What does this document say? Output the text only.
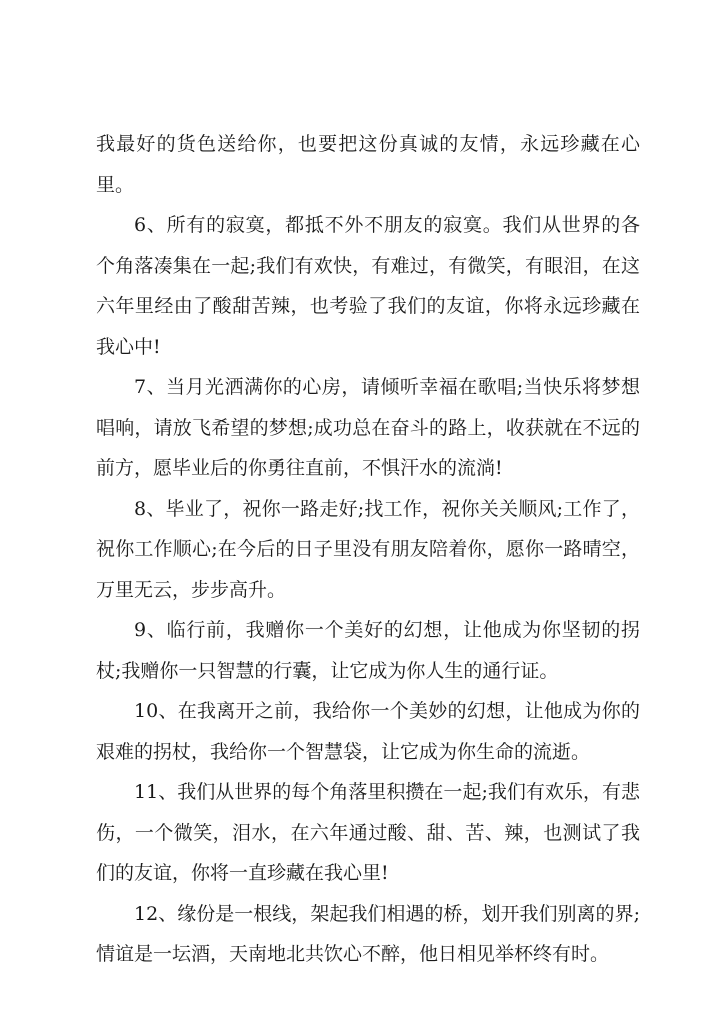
我最好的货色送给你，也要把这份真诚的友情，永远珍藏在心里。

6、所有的寂寞，都抵不外不朋友的寂寞。我们从世界的各个角落凑集在一起;我们有欢快，有难过，有微笑，有眼泪，在这六年里经由了酸甜苦辣，也考验了我们的友谊，你将永远珍藏在我心中!

7、当月光洒满你的心房，请倾听幸福在歌唱;当快乐将梦想唱响，请放飞希望的梦想;成功总在奋斗的路上，收获就在不远的前方，愿毕业后的你勇往直前，不惧汗水的流淌!

8、毕业了，祝你一路走好;找工作，祝你关关顺风;工作了，祝你工作顺心;在今后的日子里没有朋友陪着你，愿你一路晴空，万里无云，步步高升。

9、临行前，我赠你一个美好的幻想，让他成为你坚韧的拐杖;我赠你一只智慧的行囊，让它成为你人生的通行证。

10、在我离开之前，我给你一个美妙的幻想，让他成为你的艰难的拐杖，我给你一个智慧袋，让它成为你生命的流逝。

11、我们从世界的每个角落里积攒在一起;我们有欢乐，有悲伤，一个微笑，泪水，在六年通过酸、甜、苦、辣，也测试了我们的友谊，你将一直珍藏在我心里!

12、缘份是一根线，架起我们相遇的桥，划开我们别离的界;情谊是一坛酒，天南地北共饮心不醉，他日相见举杯终有时。
